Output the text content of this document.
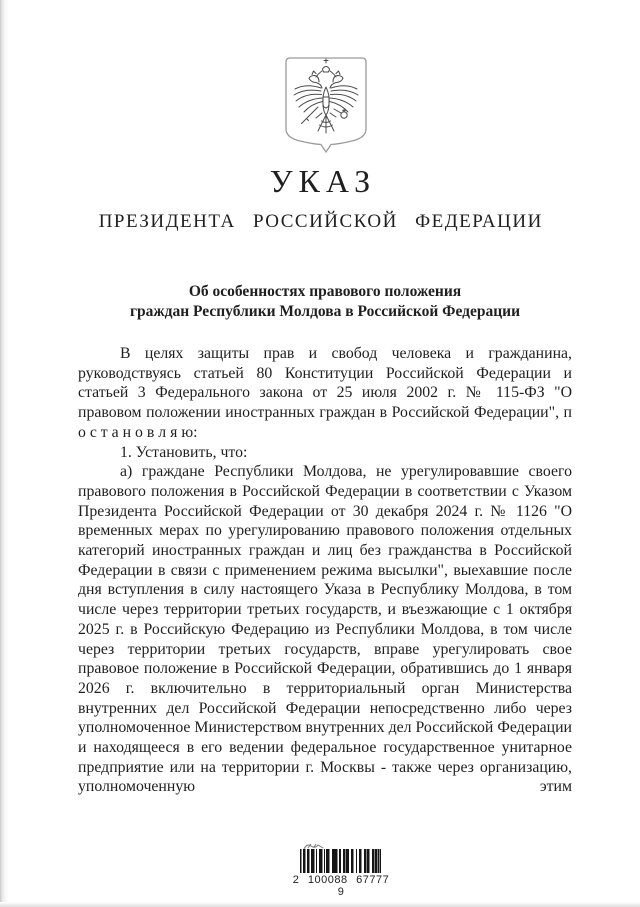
УКАЗ
ПРЕЗИДЕНТА РОССИЙСКОЙ ФЕДЕРАЦИИ
Об особенностях правового положения
граждан Республики Молдова в Российской Федерации

В целях защиты прав и свобод человека и гражданина, руководствуясь статьей 80 Конституции Российской Федерации и статьей 3 Федерального закона от 25 июля 2002 г. № 115-ФЗ "О правовом положении иностранных граждан в Российской Федерации", п о с т а н о в л я ю:

1. Установить, что:

а) граждане Республики Молдова, не урегулировавшие своего правового положения в Российской Федерации в соответствии с Указом Президента Российской Федерации от 30 декабря 2024 г. № 1126 "О временных мерах по урегулированию правового положения отдельных категорий иностранных граждан и лиц без гражданства в Российской Федерации в связи с применением режима высылки", выехавшие после дня вступления в силу настоящего Указа в Республику Молдова, в том числе через территории третьих государств, и въезжающие с 1 октября 2025 г. в Российскую Федерацию из Республики Молдова, в том числе через территории третьих государств, вправе урегулировать свое правовое положение в Российской Федерации, обратившись до 1 января 2026 г. включительно в территориальный орган Министерства внутренних дел Российской Федерации непосредственно либо через уполномоченное Министерством внутренних дел Российской Федерации и находящееся в его ведении федеральное государственное унитарное предприятие или на территории г. Москвы - также через организацию, уполномоченную этим

2 100088 67777 9
